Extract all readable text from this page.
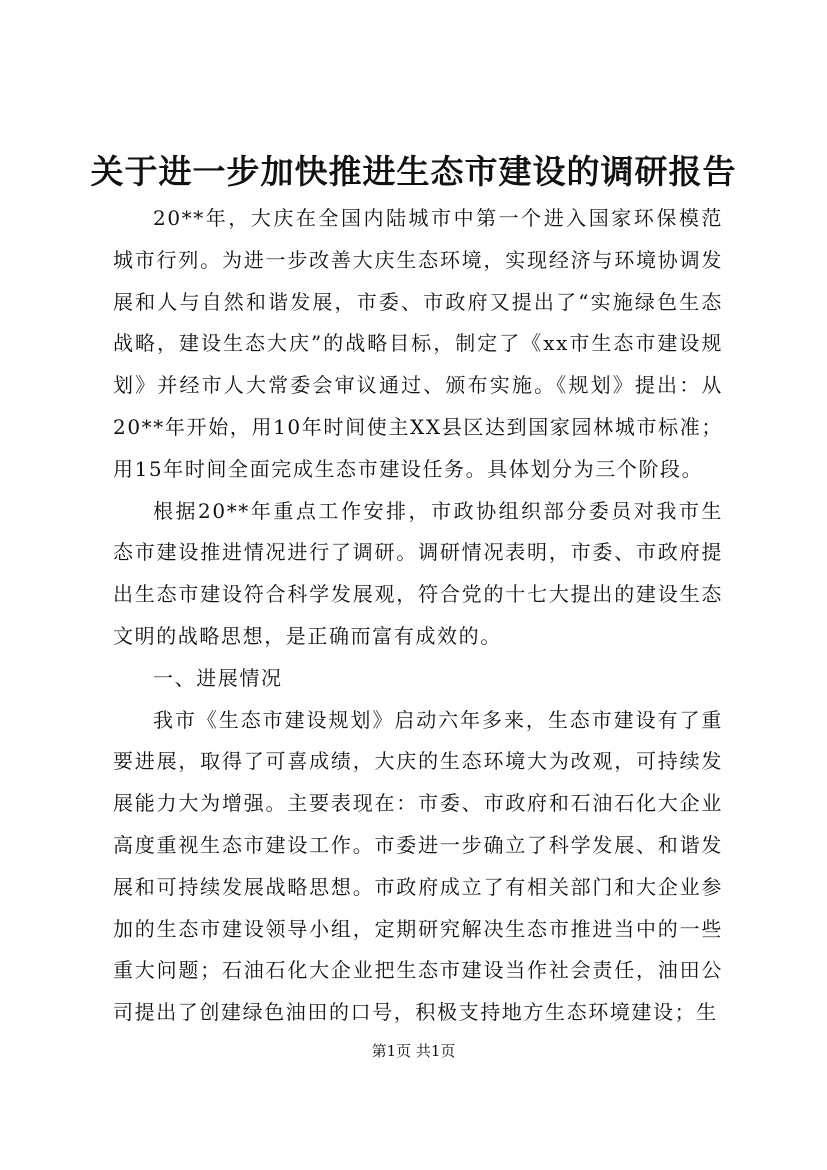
关于进一步加快推进生态市建设的调研报告

20**年，大庆在全国内陆城市中第一个进入国家环保模范城市行列。为进一步改善大庆生态环境，实现经济与环境协调发展和人与自然和谐发展，市委、市政府又提出了“实施绿色生态战略，建设生态大庆”的战略目标，制定了《xx市生态市建设规划》并经市人大常委会审议通过、颁布实施。《规划》提出：从20**年开始，用10年时间使主XX县区达到国家园林城市标准；用15年时间全面完成生态市建设任务。具体划分为三个阶段。

根据20**年重点工作安排，市政协组织部分委员对我市生态市建设推进情况进行了调研。调研情况表明，市委、市政府提出生态市建设符合科学发展观，符合党的十七大提出的建设生态文明的战略思想，是正确而富有成效的。

一、进展情况

我市《生态市建设规划》启动六年多来，生态市建设有了重要进展，取得了可喜成绩，大庆的生态环境大为改观，可持续发展能力大为增强。主要表现在：市委、市政府和石油石化大企业高度重视生态市建设工作。市委进一步确立了科学发展、和谐发展和可持续发展战略思想。市政府成立了有相关部门和大企业参加的生态市建设领导小组，定期研究解决生态市推进当中的一些重大问题；石油石化大企业把生态市建设当作社会责任，油田公司提出了创建绿色油田的口号，积极支持地方生态环境建设；生

第1页 共1页
